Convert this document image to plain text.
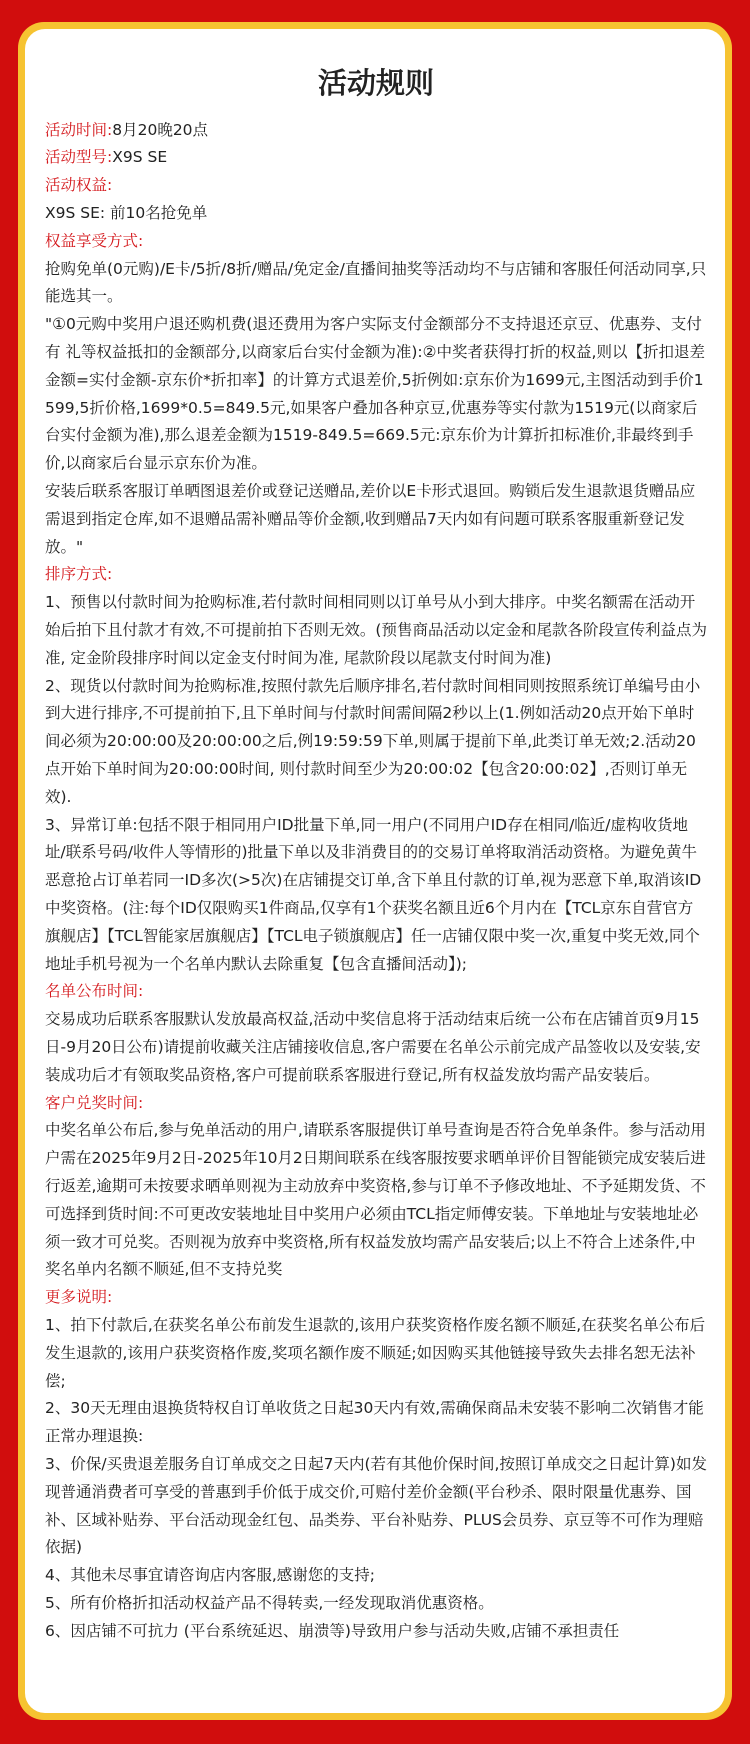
活动规则

活动时间:8月20晚20点

活动型号:X9S SE

活动权益:

X9S SE: 前10名抢免单

权益享受方式:

抢购免单(0元购)/E卡/5折/8折/赠品/免定金/直播间抽奖等活动均不与店铺和客服任何活动同享,只能选其一。

"①0元购中奖用户退还购机费(退还费用为客户实际支付金额部分不支持退还京豆、优惠券、支付有 礼等权益抵扣的金额部分,以商家后台实付金额为准):②中奖者获得打折的权益,则以【折扣退差金额=实付金额-京东价*折扣率】的计算方式退差价,5折例如:京东价为1699元,主图活动到手价1599,5折价格,1699*0.5=849.5元,如果客户叠加各种京豆,优惠券等实付款为1519元(以商家后台实付金额为准),那么退差金额为1519-849.5=669.5元:京东价为计算折扣标准价,非最终到手价,以商家后台显示京东价为准。

安装后联系客服订单晒图退差价或登记送赠品,差价以E卡形式退回。购锁后发生退款退货赠品应需退到指定仓库,如不退赠品需补赠品等价金额,收到赠品7天内如有问题可联系客服重新登记发放。"

排序方式:

1、预售以付款时间为抢购标准,若付款时间相同则以订单号从小到大排序。中奖名额需在活动开始后拍下且付款才有效,不可提前拍下否则无效。(预售商品活动以定金和尾款各阶段宣传利益点为准, 定金阶段排序时间以定金支付时间为准, 尾款阶段以尾款支付时间为准)

2、现货以付款时间为抢购标准,按照付款先后顺序排名,若付款时间相同则按照系统订单编号由小到大进行排序,不可提前拍下,且下单时间与付款时间需间隔2秒以上(1.例如活动20点开始下单时间必须为20:00:00及20:00:00之后,例19:59:59下单,则属于提前下单,此类订单无效;2.活动20点开始下单时间为20:00:00时间, 则付款时间至少为20:00:02【包含20:00:02】,否则订单无效).

3、异常订单:包括不限于相同用户ID批量下单,同一用户(不同用户ID存在相同/临近/虚构收货地址/联系号码/收件人等情形的)批量下单以及非消费目的的交易订单将取消活动资格。为避免黄牛恶意抢占订单若同一ID多次(>5次)在店铺提交订单,含下单且付款的订单,视为恶意下单,取消该ID中奖资格。(注:每个ID仅限购买1件商品,仅享有1个获奖名额且近6个月内在【TCL京东自营官方旗舰店】【TCL智能家居旗舰店】【TCL电子锁旗舰店】任一店铺仅限中奖一次,重复中奖无效,同个地址手机号视为一个名单内默认去除重复【包含直播间活动】);

名单公布时间:

交易成功后联系客服默认发放最高权益,活动中奖信息将于活动结束后统一公布在店铺首页9月15日-9月20日公布)请提前收藏关注店铺接收信息,客户需要在名单公示前完成产品签收以及安装,安装成功后才有领取奖品资格,客户可提前联系客服进行登记,所有权益发放均需产品安装后。

客户兑奖时间:

中奖名单公布后,参与免单活动的用户,请联系客服提供订单号查询是否符合免单条件。参与活动用户需在2025年9月2日-2025年10月2日期间联系在线客服按要求晒单评价目智能锁完成安装后进行返差,逾期可未按要求晒单则视为主动放弃中奖资格,参与订单不予修改地址、不予延期发货、不可选择到货时间:不可更改安装地址目中奖用户必须由TCL指定师傅安装。下单地址与安装地址必须一致才可兑奖。否则视为放弃中奖资格,所有权益发放均需产品安装后;以上不符合上述条件,中奖名单内名额不顺延,但不支持兑奖

更多说明:

1、拍下付款后,在获奖名单公布前发生退款的,该用户获奖资格作废名额不顺延,在获奖名单公布后发生退款的,该用户获奖资格作废,奖项名额作废不顺延;如因购买其他链接导致失去排名恕无法补偿;

2、30天无理由退换货特权自订单收货之日起30天内有效,需确保商品未安装不影响二次销售才能正常办理退换:

3、价保/买贵退差服务自订单成交之日起7天内(若有其他价保时间,按照订单成交之日起计算)如发现普通消费者可享受的普惠到手价低于成交价,可赔付差价金额(平台秒杀、限时限量优惠券、国补、区域补贴券、平台活动现金红包、品类券、平台补贴券、PLUS会员券、京豆等不可作为理赔依据)

4、其他未尽事宜请咨询店内客服,感谢您的支持;

5、所有价格折扣活动权益产品不得转卖,一经发现取消优惠资格。

6、因店铺不可抗力 (平台系统延迟、崩溃等)导致用户参与活动失败,店铺不承担责任
